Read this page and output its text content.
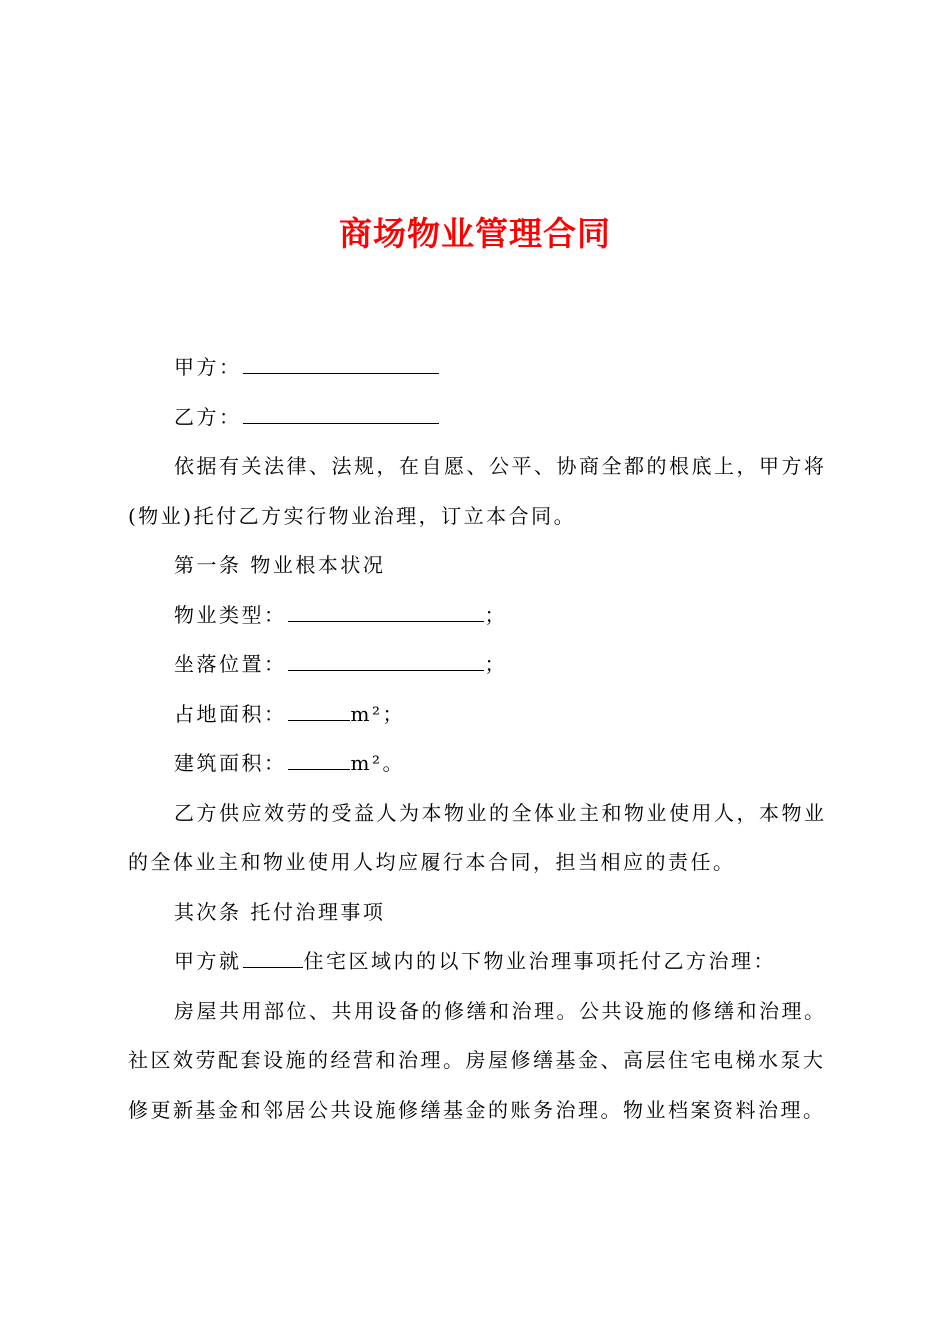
商场物业管理合同
甲方：
乙方：
依据有关法律、法规，在自愿、公平、协商全都的根底上，甲方将
(物业)托付乙方实行物业治理，订立本合同。
第一条 物业根本状况
物业类型：	；
坐落位置：	；
占地面积：	m²；
建筑面积：	m²。
乙方供应效劳的受益人为本物业的全体业主和物业使用人，本物业
的全体业主和物业使用人均应履行本合同，担当相应的责任。
其次条 托付治理事项
甲方就	住宅区域内的以下物业治理事项托付乙方治理：
房屋共用部位、共用设备的修缮和治理。公共设施的修缮和治理。
社区效劳配套设施的经营和治理。房屋修缮基金、高层住宅电梯水泵大
修更新基金和邻居公共设施修缮基金的账务治理。物业档案资料治理。
